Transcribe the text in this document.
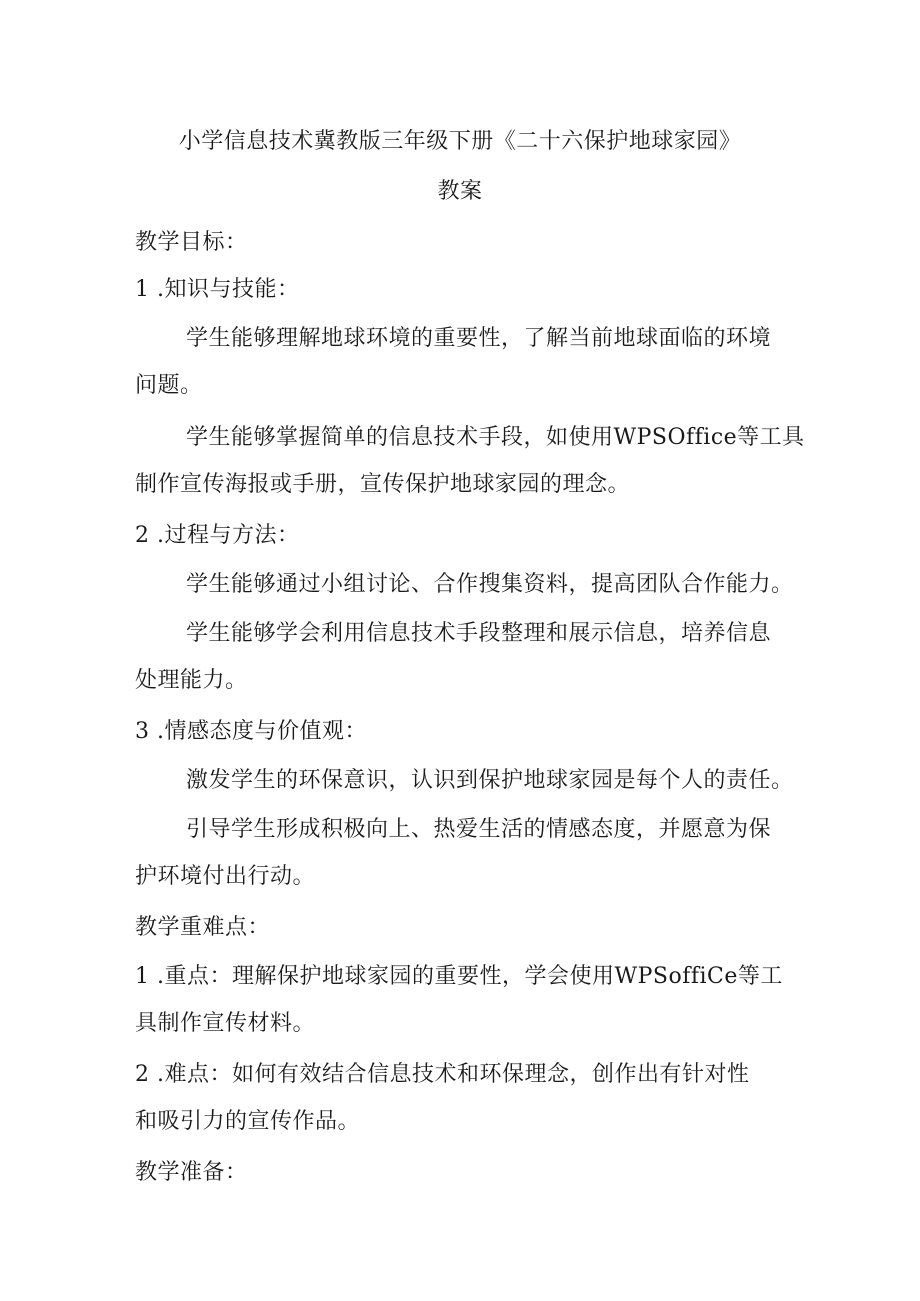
小学信息技术冀教版三年级下册《二十六保护地球家园》
教案
教学目标：
1 .知识与技能：
学生能够理解地球环境的重要性，了解当前地球面临的环境
问题。
学生能够掌握简单的信息技术手段，如使用WPSOffice等工具
制作宣传海报或手册，宣传保护地球家园的理念。
2 .过程与方法：
学生能够通过小组讨论、合作搜集资料，提高团队合作能力。
学生能够学会利用信息技术手段整理和展示信息，培养信息
处理能力。
3 .情感态度与价值观：
激发学生的环保意识，认识到保护地球家园是每个人的责任。
引导学生形成积极向上、热爱生活的情感态度，并愿意为保
护环境付出行动。
教学重难点：
1 .重点：理解保护地球家园的重要性，学会使用WPSoffiCe等工
具制作宣传材料。
2 .难点：如何有效结合信息技术和环保理念，创作出有针对性
和吸引力的宣传作品。
教学准备：
